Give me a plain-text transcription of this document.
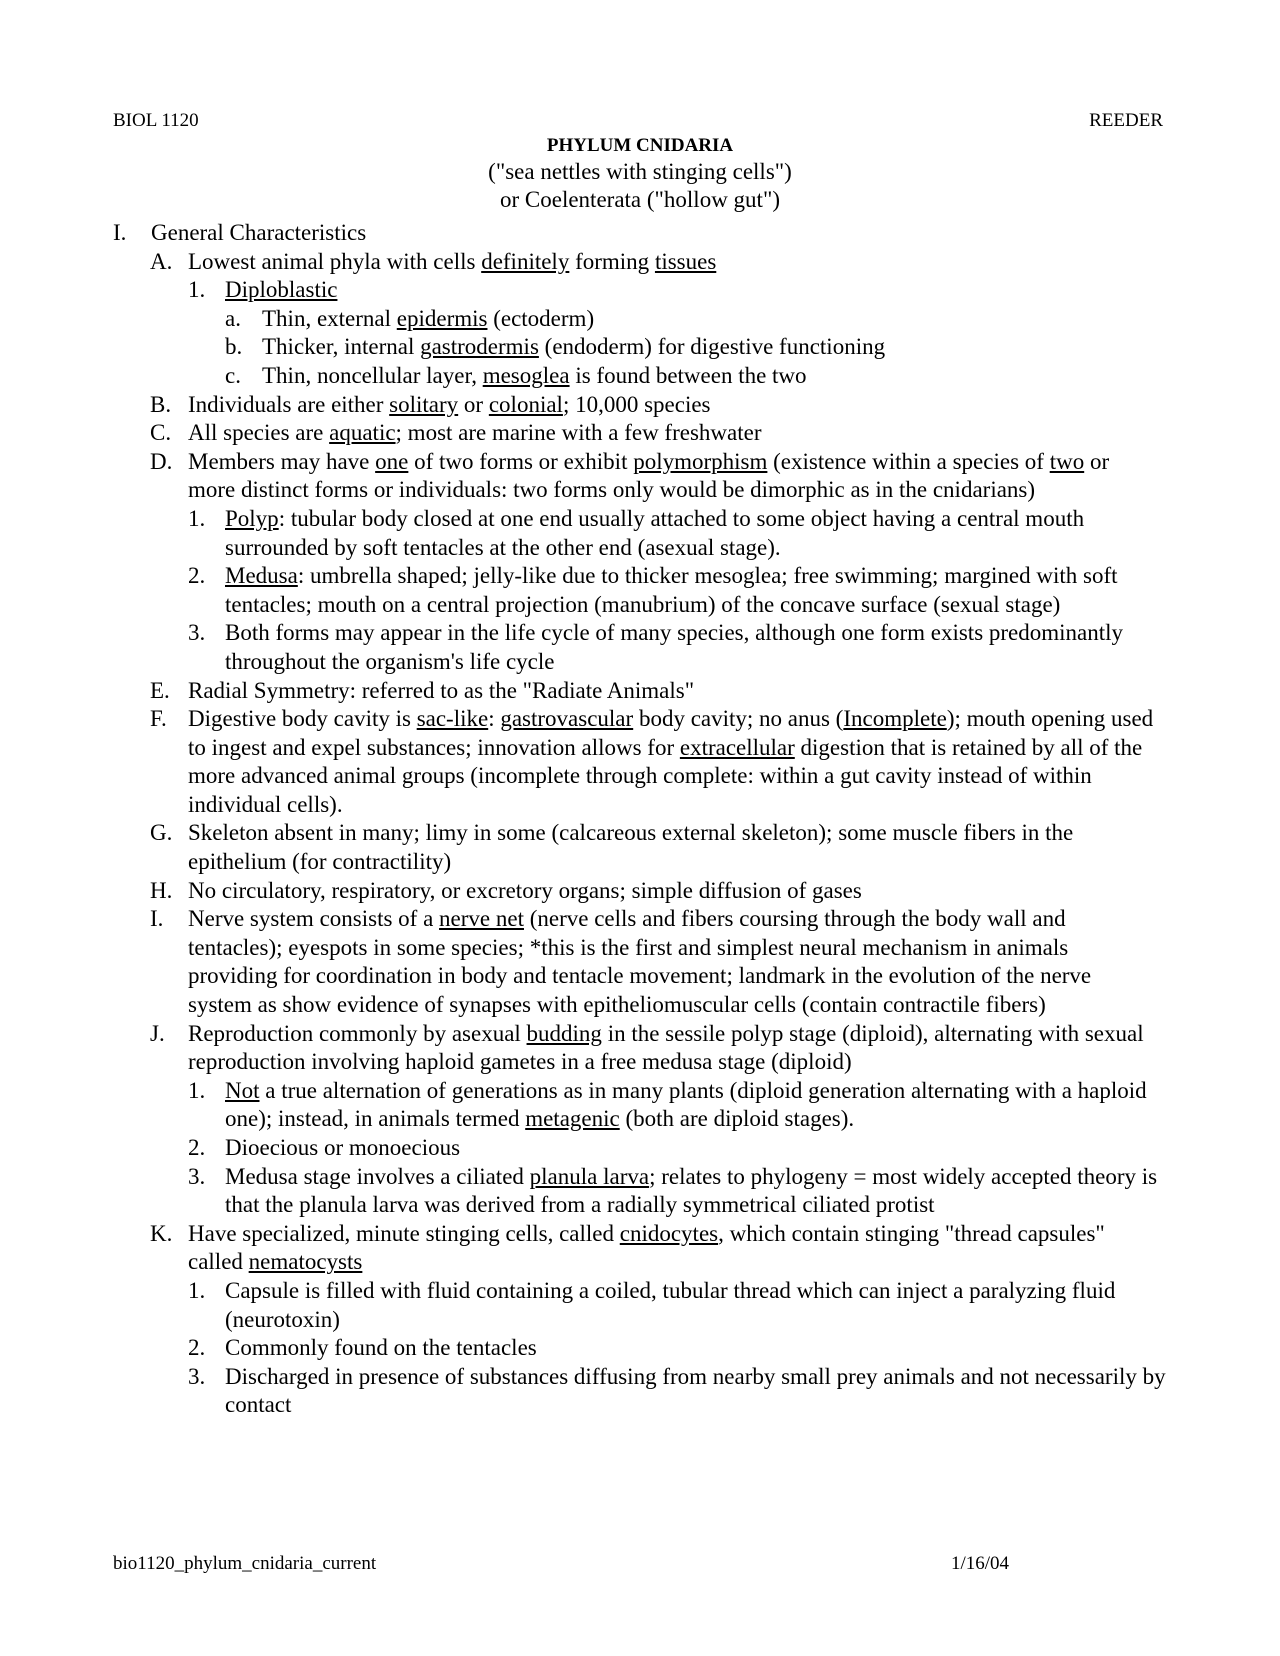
BIOL 1120	REEDER
PHYLUM CNIDARIA
("sea nettles with stinging cells")
or Coelenterata ("hollow gut")
I. General Characteristics
A. Lowest animal phyla with cells definitely forming tissues
1. Diploblastic
a. Thin, external epidermis (ectoderm)
b. Thicker, internal gastrodermis (endoderm) for digestive functioning
c. Thin, noncellular layer, mesoglea is found between the two
B. Individuals are either solitary or colonial; 10,000 species
C. All species are aquatic; most are marine with a few freshwater
D. Members may have one of two forms or exhibit polymorphism (existence within a species of two or more distinct forms or individuals: two forms only would be dimorphic as in the cnidarians)
1. Polyp: tubular body closed at one end usually attached to some object having a central mouth surrounded by soft tentacles at the other end (asexual stage).
2. Medusa: umbrella shaped; jelly-like due to thicker mesoglea; free swimming; margined with soft tentacles; mouth on a central projection (manubrium) of the concave surface (sexual stage)
3. Both forms may appear in the life cycle of many species, although one form exists predominantly throughout the organism's life cycle
E. Radial Symmetry: referred to as the "Radiate Animals"
F. Digestive body cavity is sac-like: gastrovascular body cavity; no anus (Incomplete); mouth opening used to ingest and expel substances; innovation allows for extracellular digestion that is retained by all of the more advanced animal groups (incomplete through complete: within a gut cavity instead of within individual cells).
G. Skeleton absent in many; limy in some (calcareous external skeleton); some muscle fibers in the epithelium (for contractility)
H. No circulatory, respiratory, or excretory organs; simple diffusion of gases
I. Nerve system consists of a nerve net (nerve cells and fibers coursing through the body wall and tentacles); eyespots in some species; *this is the first and simplest neural mechanism in animals providing for coordination in body and tentacle movement; landmark in the evolution of the nerve system as show evidence of synapses with epitheliomuscular cells (contain contractile fibers)
J. Reproduction commonly by asexual budding in the sessile polyp stage (diploid), alternating with sexual reproduction involving haploid gametes in a free medusa stage (diploid)
1. Not a true alternation of generations as in many plants (diploid generation alternating with a haploid one); instead, in animals termed metagenic (both are diploid stages).
2. Dioecious or monoecious
3. Medusa stage involves a ciliated planula larva; relates to phylogeny = most widely accepted theory is that the planula larva was derived from a radially symmetrical ciliated protist
K. Have specialized, minute stinging cells, called cnidocytes, which contain stinging "thread capsules" called nematocysts
1. Capsule is filled with fluid containing a coiled, tubular thread which can inject a paralyzing fluid (neurotoxin)
2. Commonly found on the tentacles
3. Discharged in presence of substances diffusing from nearby small prey animals and not necessarily by contact
bio1120_phylum_cnidaria_current	1/16/04
